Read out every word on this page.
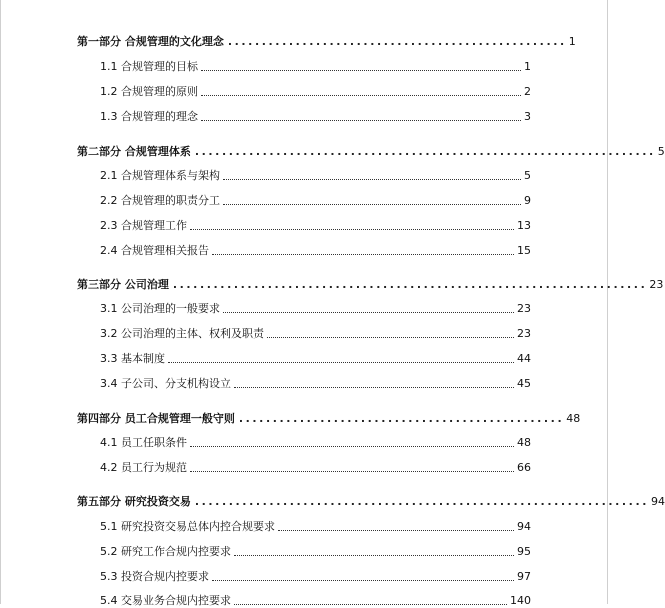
第一部分 合规管理的文化理念 .................................................. 1
1.1 合规管理的目标	1
1.2 合规管理的原则	2
1.3 合规管理的理念	3
第二部分 合规管理体系 .................................................................... 5
2.1 合规管理体系与架构	5
2.2 合规管理的职责分工	9
2.3 合规管理工作	13
2.4 合规管理相关报告	15
第三部分 公司治理 ...................................................................... 23
3.1 公司治理的一般要求	23
3.2 公司治理的主体、权利及职责	23
3.3 基本制度	44
3.4 子公司、分支机构设立	45
第四部分 员工合规管理一般守则 ................................................ 48
4.1 员工任职条件	48
4.2 员工行为规范	66
第五部分 研究投资交易 ................................................................... 94
5.1 研究投资交易总体内控合规要求	94
5.2 研究工作合规内控要求	95
5.3 投资合规内控要求	97
5.4 交易业务合规内控要求	140
